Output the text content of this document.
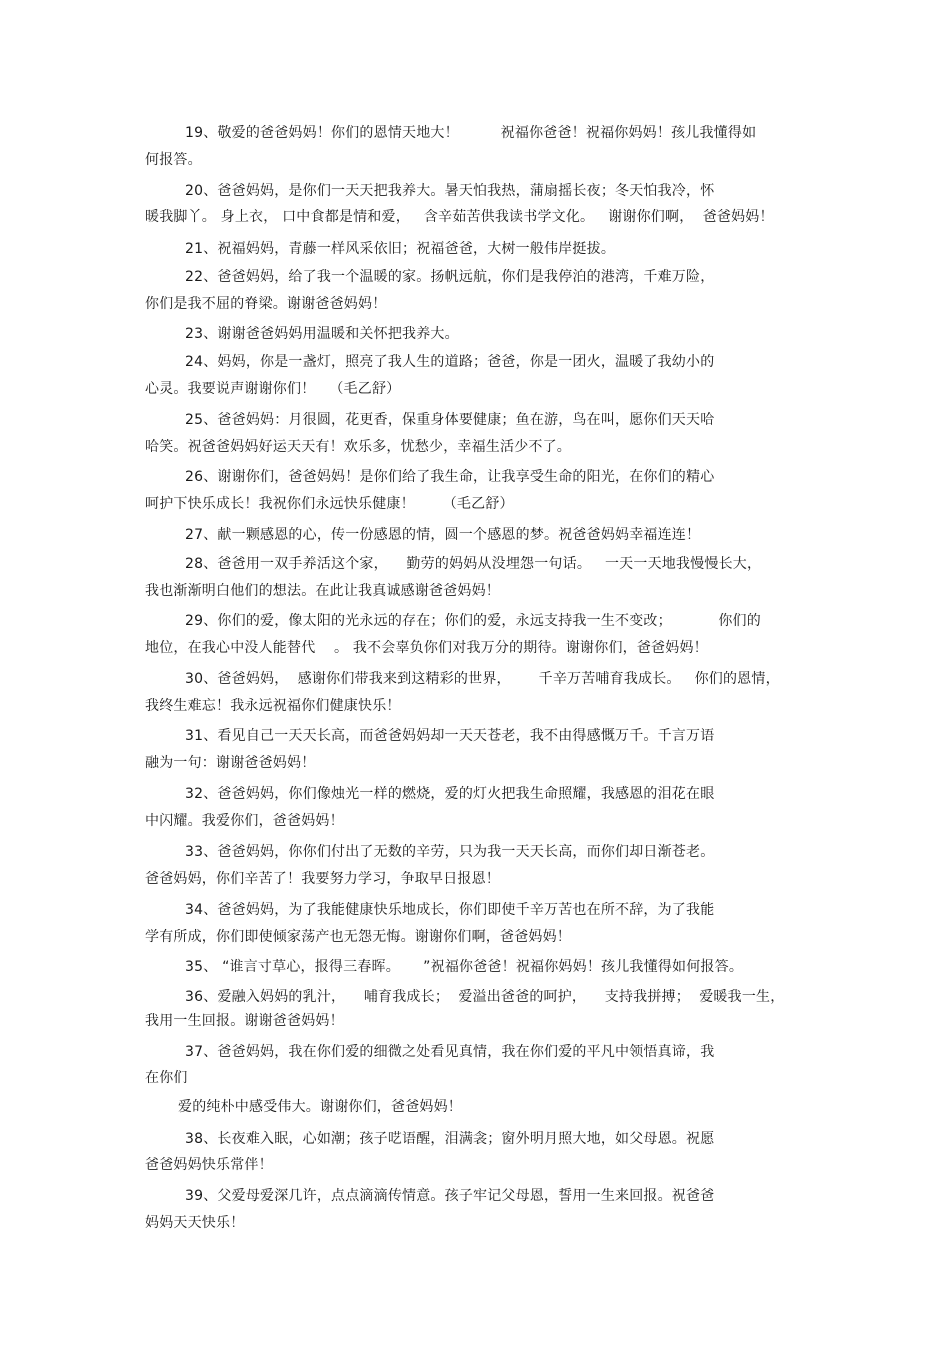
19、敬爱的爸爸妈妈！你们的恩情天地大！         祝福你爸爸！祝福你妈妈！孩儿我懂得如
何报答。
20、爸爸妈妈，是你们一天天把我养大。暑天怕我热，蒲扇摇长夜；冬天怕我冷，怀
暖我脚丫。 身上衣， 口中食都是情和爱，   含辛茹苦供我读书学文化。   谢谢你们啊，  爸爸妈妈！
21、祝福妈妈，青藤一样风采依旧；祝福爸爸，大树一般伟岸挺拔。
22、爸爸妈妈，给了我一个温暖的家。扬帆远航，你们是我停泊的港湾，千难万险，
你们是我不屈的脊梁。谢谢爸爸妈妈！
23、谢谢爸爸妈妈用温暖和关怀把我养大。
24、妈妈，你是一盏灯，照亮了我人生的道路；爸爸，你是一团火，温暖了我幼小的
心灵。我要说声谢谢你们！   （毛乙舒）
25、爸爸妈妈：月很圆，花更香，保重身体要健康；鱼在游，鸟在叫，愿你们天天哈
哈笑。祝爸爸妈妈好运天天有！欢乐多，忧愁少，幸福生活少不了。
26、谢谢你们，爸爸妈妈！是你们给了我生命，让我享受生命的阳光，在你们的精心
呵护下快乐成长！我祝你们永远快乐健康！      （毛乙舒）
27、献一颗感恩的心，传一份感恩的情，圆一个感恩的梦。祝爸爸妈妈幸福连连！
28、爸爸用一双手养活这个家，    勤劳的妈妈从没埋怨一句话。   一天一天地我慢慢长大，
我也渐渐明白他们的想法。在此让我真诚感谢爸爸妈妈！
29、你们的爱，像太阳的光永远的存在；你们的爱，永远支持我一生不变改；          你们的
地位，在我心中没人能替代    。 我不会辜负你们对我万分的期待。谢谢你们，爸爸妈妈！
30、爸爸妈妈，  感谢你们带我来到这精彩的世界，      千辛万苦哺育我成长。   你们的恩情，
我终生难忘！我永远祝福你们健康快乐！
31、看见自己一天天长高，而爸爸妈妈却一天天苍老，我不由得感慨万千。千言万语
融为一句：谢谢爸爸妈妈！
32、爸爸妈妈，你们像烛光一样的燃烧，爱的灯火把我生命照耀，我感恩的泪花在眼
中闪耀。我爱你们，爸爸妈妈！
33、爸爸妈妈，你你们付出了无数的辛劳，只为我一天天长高，而你们却日渐苍老。
爸爸妈妈，你们辛苦了！我要努力学习，争取早日报恩！
34、爸爸妈妈，为了我能健康快乐地成长，你们即使千辛万苦也在所不辞，为了我能
学有所成，你们即使倾家荡产也无怨无悔。谢谢你们啊，爸爸妈妈！
35、 “谁言寸草心，报得三春晖。     ”祝福你爸爸！祝福你妈妈！孩儿我懂得如何报答。
36、爱融入妈妈的乳汁，    哺育我成长；  爱溢出爸爸的呵护，    支持我拼搏；  爱暖我一生，
我用一生回报。谢谢爸爸妈妈！
37、爸爸妈妈，我在你们爱的细微之处看见真情，我在你们爱的平凡中领悟真谛，我
在你们
爱的纯朴中感受伟大。谢谢你们，爸爸妈妈！
38、长夜难入眠，心如潮；孩子呓语醒，泪满衾；窗外明月照大地，如父母恩。祝愿
爸爸妈妈快乐常伴！
39、父爱母爱深几许，点点滴滴传情意。孩子牢记父母恩，誓用一生来回报。祝爸爸
妈妈天天快乐！
